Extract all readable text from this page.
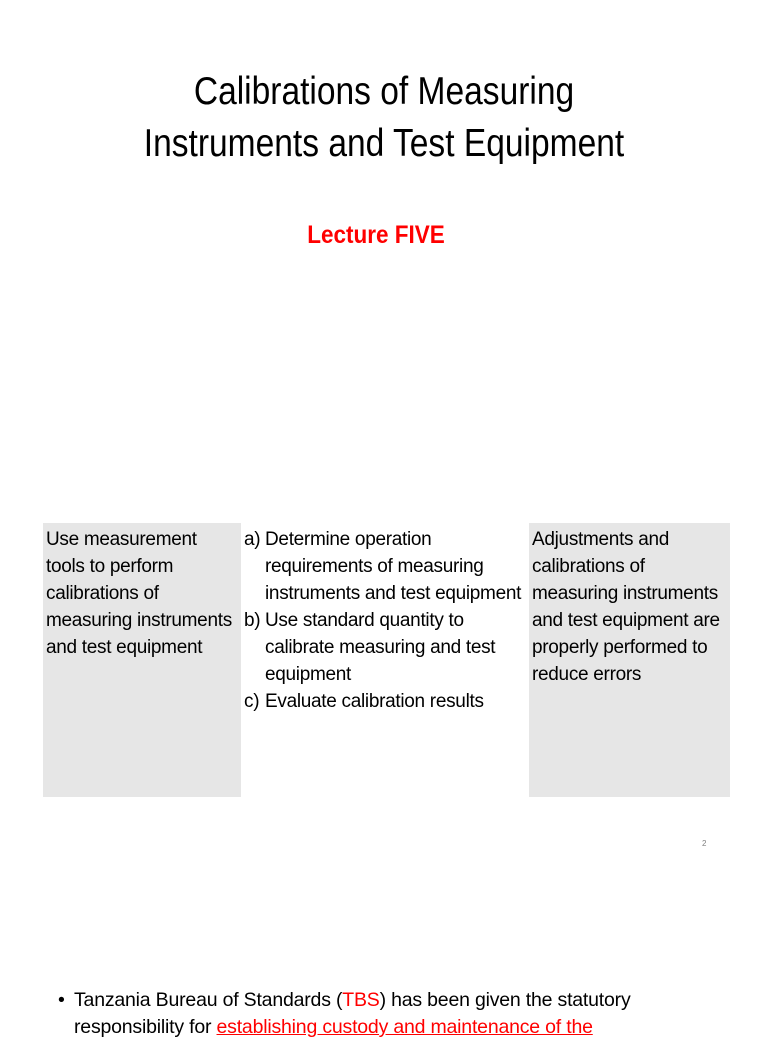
Calibrations of Measuring
Instruments and Test Equipment
Lecture FIVE
Use measurement
tools to perform
calibrations of
measuring instruments
and test equipment
a) Determine operation
requirements of measuring
instruments and test equipment
b) Use standard quantity to
calibrate measuring and test
equipment
c) Evaluate calibration results
Adjustments and
calibrations of
measuring instruments
and test equipment are
properly performed to
reduce errors
2
• Tanzania Bureau of Standards (TBS) has been given the statutory
responsibility for establishing custody and maintenance of the
